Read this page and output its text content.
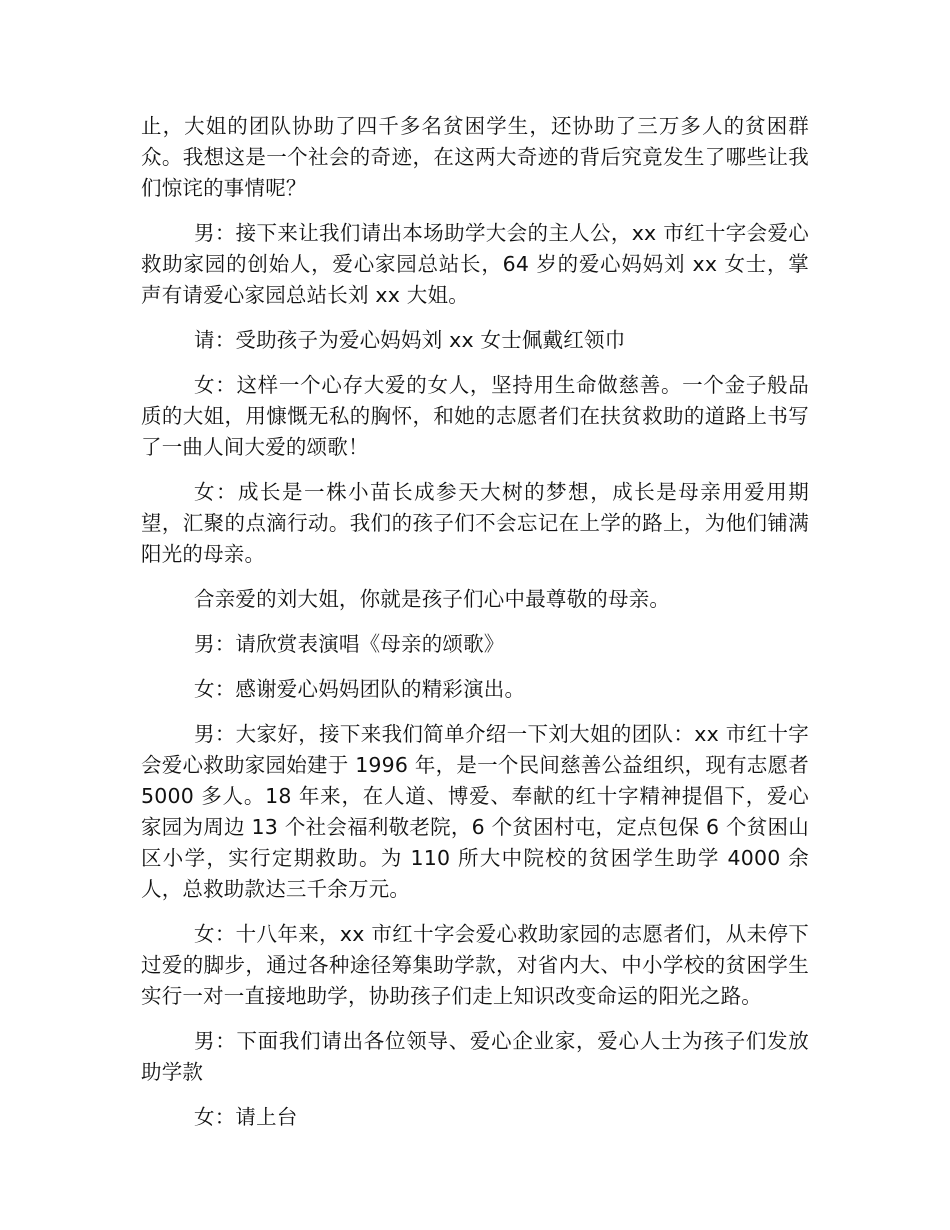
止，大姐的团队协助了四千多名贫困学生，还协助了三万多人的贫困群众。我想这是一个社会的奇迹，在这两大奇迹的背后究竟发生了哪些让我们惊诧的事情呢？

男：接下来让我们请出本场助学大会的主人公，xx 市红十字会爱心救助家园的创始人，爱心家园总站长，64 岁的爱心妈妈刘 xx 女士，掌声有请爱心家园总站长刘 xx 大姐。

请：受助孩子为爱心妈妈刘 xx 女士佩戴红领巾

女：这样一个心存大爱的女人，坚持用生命做慈善。一个金子般品质的大姐，用慷慨无私的胸怀，和她的志愿者们在扶贫救助的道路上书写了一曲人间大爱的颂歌！

女：成长是一株小苗长成参天大树的梦想，成长是母亲用爱用期望，汇聚的点滴行动。我们的孩子们不会忘记在上学的路上，为他们铺满阳光的母亲。

合亲爱的刘大姐，你就是孩子们心中最尊敬的母亲。

男：请欣赏表演唱《母亲的颂歌》

女：感谢爱心妈妈团队的精彩演出。

男：大家好，接下来我们简单介绍一下刘大姐的团队：xx 市红十字会爱心救助家园始建于 1996 年，是一个民间慈善公益组织，现有志愿者 5000 多人。18 年来，在人道、博爱、奉献的红十字精神提倡下，爱心家园为周边 13 个社会福利敬老院，6 个贫困村屯，定点包保 6 个贫困山区小学，实行定期救助。为 110 所大中院校的贫困学生助学 4000 余人，总救助款达三千余万元。

女：十八年来，xx 市红十字会爱心救助家园的志愿者们，从未停下过爱的脚步，通过各种途径筹集助学款，对省内大、中小学校的贫困学生实行一对一直接地助学，协助孩子们走上知识改变命运的阳光之路。

男：下面我们请出各位领导、爱心企业家，爱心人士为孩子们发放助学款

女：请上台
